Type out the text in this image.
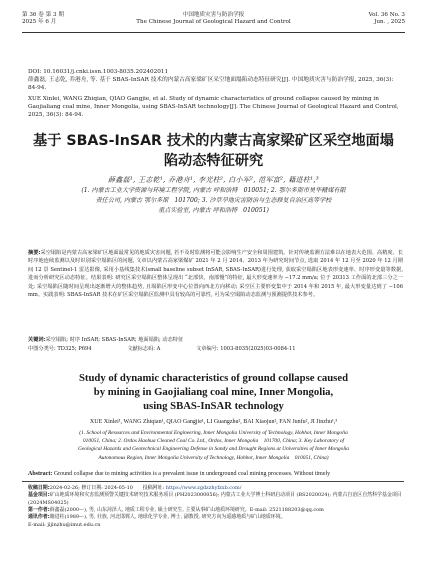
第 36 卷 第 3 期
2025 年 6 月
中国地质灾害与防治学报
The Chinese Journal of Geological Hazard and Control
Vol. 36 No. 3
Jun. , 2025
DOI: 10.16031/j.cnki.issn.1003-8035.202402011
薛鑫磊, 王志乾, 乔港舟, 等. 基于 SBAS-InSAR 技术的内蒙古高家梁矿区采空地面塌陷动态特征研究[J]. 中国地质灾害与防治学报, 2025, 36(3): 84-94.
XUE Xinlei, WANG Zhiqian, QIAO Gangjie, et al. Study of dynamic characteristics of ground collapse caused by mining in Gaojialiang coal mine, Inner Mongolia, using SBAS-InSAR technology[J]. The Chinese Journal of Geological Hazard and Control, 2025, 36(3): 84-94.
基于 SBAS-InSAR 技术的内蒙古高家梁矿区采空地面塌陷动态特征研究
薛鑫磊¹, 王志乾¹, 乔港舟¹, 李光柱², 白小军², 范军富², 籍进柱¹,³
(1. 内蒙古工业大学资源与环境工程学院, 内蒙古 呼和浩特　010051; 2. 鄂尔多斯市昊华精煤有限
责任公司, 内蒙古 鄂尔多斯　101700; 3. 沙草旱地灾害防治与生态修复自治区高等学校
重点实验室, 内蒙古 呼和浩特　010051)
摘要:采空塌陷是内蒙古高家梁矿区地面最常见的地质灾害问题, 若不及时监测将可能会影响生产安全和周围建筑。针对传统监测方法难以在地表大范围、高精度、长时序地连续监测以及时识别采空塌陷区的问题, 文章以内蒙古高家梁煤矿 2021 年 2 月 2014、2013 年为研究时间节点, 选取 2014 年 12 月至 2020 年 12 月期间 12 景 Sentinel-1 雷达影像, 采用小基线集技术(small baseline subset InSAR, SBAS-InSAR)进行处理, 获取采空塌陷区地表形变速率、时序形变量等数据, 进而分析研究区动态特征。结果表明: 研究区采空塌陷区整体呈现出 “北部快、南部慢”的特征, 最大形变速率为 −17.2 mm/a; 位于 20313 工作面的北部三分之一处; 采空塌陷区随时间呈现出逐渐增大的整体趋势, 且塌陷区形变中心位置向西北方向移动; 采空区主要形变集中于 2014 年和 2015 年, 最大形变量达到了 −106 mm。实践表明: SBAS-InSAR 技术在矿区采空塌陷区监测中具有较高的可靠性, 可为采空塌陷动态监测与预测提供技术参考。
关键词:采空塌陷; 时序 InSAR; SBAS-InSAR; 地面塌陷; 动态特征
中图分类号: TD325; P694	文献标志码: A	文章编号: 1003-8035(2025)03-0084-11
Study of dynamic characteristics of ground collapse caused
by mining in Gaojialiang coal mine, Inner Mongolia,
using SBAS-InSAR technology
XUE Xinlei¹, WANG Zhiqian¹, QIAO Gangjie¹, LI Guangzhu², BAI Xiaojun², FAN Junfu², JI Jinzhu¹,³
(1. School of Resources and Environmental Engineering, Inner Mongolia University of Technology, Hohhot, Inner Mongolia
010051, China; 2. Ordos Haohua Cleaned Coal Co. Ltd., Ordos, Inner Mongolia　101700, China; 3. Key Laboratory of
Geological Hazards and Geotechnical Engineering Defense in Sandy and Drought Regions at Universities of Inner Mongolia
Autonomous Region, Inner Mongolia University of Technology, Hohhot, Inner Mongolia　010051, China)
Abstract: Ground collapse due to mining activities is a prevalent issue in underground coal mining processes. Without timely
收稿日期:2024-02-26; 修订日期: 2024-05-10　　投稿网址: https://www.zgdzzhyfzxb.com/
基金项目:矿山地质环境和灾害监测预警关键技术研究技术服务项目 (PH2023000056); 内蒙古工业大学博士科研启动项目 (BS2020024); 内蒙古自治区自然科学基金项目 (2024MS04025)
第一作者:薛鑫磊(2000—), 男, 山东菏泽人, 地质工程专业, 硕士研究生, 主要从事矿山地质环境研究。E-mail: 2521188203@qq.com
通讯作者:籍进柱(1989—), 男, 壮族, 河北邯郸人, 地球化学专业, 博士, 副教授, 研究方向为遥感地质与矿山地质环境。
E-mail: jijinzhu@imut.edu.cn
